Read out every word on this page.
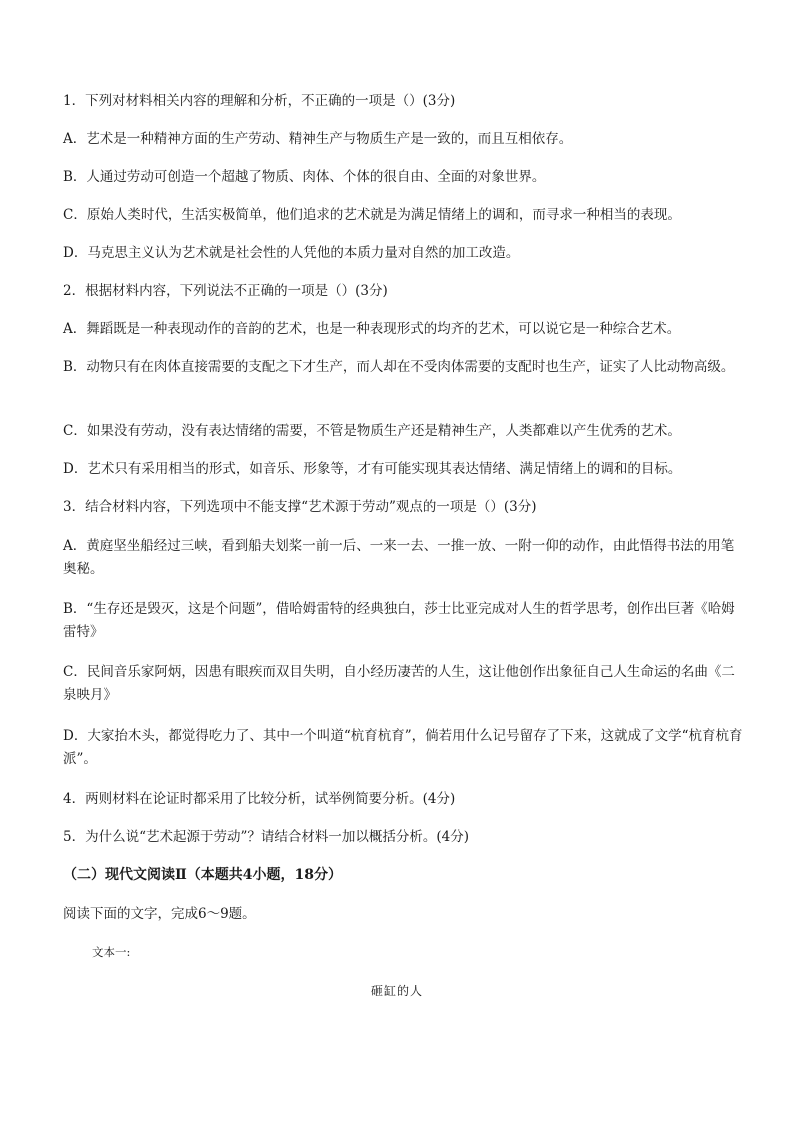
1．下列对材料相关内容的理解和分析，不正确的一项是（）(3分)
A．艺术是一种精神方面的生产劳动、精神生产与物质生产是一致的，而且互相依存。
B．人通过劳动可创造一个超越了物质、肉体、个体的很自由、全面的对象世界。
C．原始人类时代，生活实极简单，他们追求的艺术就是为满足情绪上的调和，而寻求一种相当的表现。
D．马克思主义认为艺术就是社会性的人凭他的本质力量对自然的加工改造。
2．根据材料内容，下列说法不正确的一项是（）(3分)
A．舞蹈既是一种表现动作的音韵的艺术，也是一种表现形式的均齐的艺术，可以说它是一种综合艺术。
B．动物只有在肉体直接需要的支配之下才生产，而人却在不受肉体需要的支配时也生产，证实了人比动物高级。
C．如果没有劳动，没有表达情绪的需要，不管是物质生产还是精神生产，人类都难以产生优秀的艺术。
D．艺术只有采用相当的形式，如音乐、形象等，才有可能实现其表达情绪、满足情绪上的调和的目标。
3．结合材料内容，下列选项中不能支撑“艺术源于劳动”观点的一项是（）(3分)
A．黄庭坚坐船经过三峡，看到船夫划桨一前一后、一来一去、一推一放、一附一仰的动作，由此悟得书法的用笔奥秘。
B．“生存还是毁灭，这是个问题”，借哈姆雷特的经典独白，莎士比亚完成对人生的哲学思考，创作出巨著《哈姆雷特》
C．民间音乐家阿炳，因患有眼疾而双目失明，自小经历凄苦的人生，这让他创作出象征自己人生命运的名曲《二泉映月》
D．大家抬木头，都觉得吃力了、其中一个叫道“杭育杭育”，倘若用什么记号留存了下来，这就成了文学“杭育杭育派”。
4．两则材料在论证时都采用了比较分析，试举例简要分析。(4分)
5．为什么说“艺术起源于劳动”？请结合材料一加以概括分析。(4分)
（二）现代文阅读Ⅱ（本题共4小题，18分）
阅读下面的文字，完成6～9题。
文本一:
砸缸的人
